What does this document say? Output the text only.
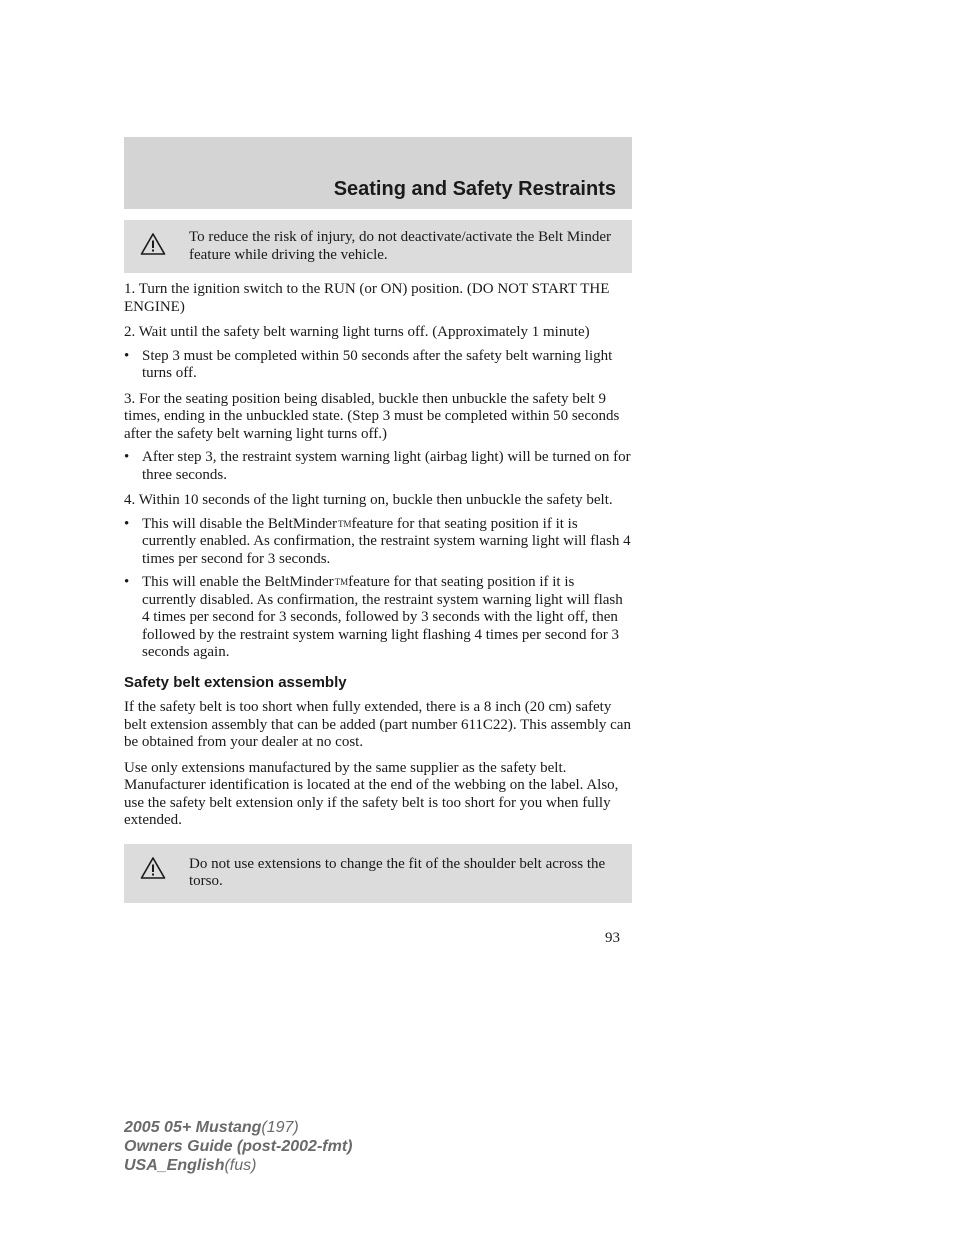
Seating and Safety Restraints
To reduce the risk of injury, do not deactivate/activate the Belt Minder feature while driving the vehicle.

1. Turn the ignition switch to the RUN (or ON) position. (DO NOT START THE ENGINE)

2. Wait until the safety belt warning light turns off. (Approximately 1 minute)

• Step 3 must be completed within 50 seconds after the safety belt warning light turns off.

3. For the seating position being disabled, buckle then unbuckle the safety belt 9 times, ending in the unbuckled state. (Step 3 must be completed within 50 seconds after the safety belt warning light turns off.)

• After step 3, the restraint system warning light (airbag light) will be turned on for three seconds.

4. Within 10 seconds of the light turning on, buckle then unbuckle the safety belt.

• This will disable the BeltMinder™feature for that seating position if it is currently enabled. As confirmation, the restraint system warning light will flash 4 times per second for 3 seconds.
• This will enable the BeltMinder™feature for that seating position if it is currently disabled. As confirmation, the restraint system warning light will flash 4 times per second for 3 seconds, followed by 3 seconds with the light off, then followed by the restraint system warning light flashing 4 times per second for 3 seconds again.
Safety belt extension assembly

If the safety belt is too short when fully extended, there is a 8 inch (20 cm) safety belt extension assembly that can be added (part number 611C22). This assembly can be obtained from your dealer at no cost.

Use only extensions manufactured by the same supplier as the safety belt. Manufacturer identification is located at the end of the webbing on the label. Also, use the safety belt extension only if the safety belt is too short for you when fully extended.

Do not use extensions to change the fit of the shoulder belt across the torso.
93
2005 05+ Mustang(197)
Owners Guide (post-2002-fmt)
USA_English(fus)
